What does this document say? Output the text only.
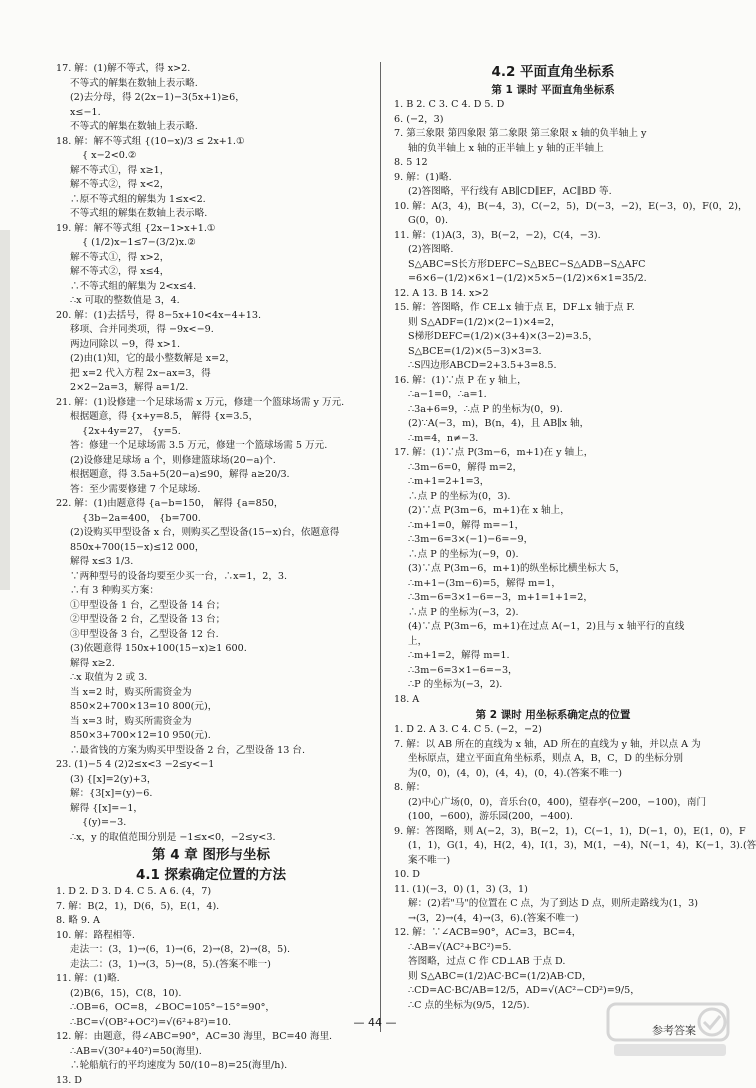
17. 解：(1)解不等式，得 x>2.
不等式的解集在数轴上表示略.
(2)去分母，得 2(2x−1)−3(5x+1)≥6，
x≤−1.
不等式的解集在数轴上表示略.
18. 解：解不等式组 {(10−x)/3 ≤ 2x+1.①
{ x−2<0.②
解不等式①，得 x≥1，
解不等式②，得 x<2，
∴原不等式组的解集为 1≤x<2.
不等式组的解集在数轴上表示略.
19. 解：解不等式组 {2x−1>x+1.①
{ (1/2)x−1≤7−(3/2)x.②
解不等式①，得 x>2，
解不等式②，得 x≤4，
∴不等式组的解集为 2<x≤4.
∴x 可取的整数值是 3，4.
20. 解：(1)去括号，得 8−5x+10<4x−4+13.
移项、合并同类项，得 −9x<−9.
两边同除以 −9，得 x>1.
(2)由(1)知，它的最小整数解是 x=2，
把 x=2 代入方程 2x−ax=3，得
2×2−2a=3，解得 a=1/2.
21. 解：(1)设修建一个足球场需 x 万元，修建一个篮球场需 y 万元.
根据题意，得 {x+y=8.5， 解得 {x=3.5，
{2x+4y=27， {y=5.
答：修建一个足球场需 3.5 万元，修建一个篮球场需 5 万元.
(2)设修建足球场 a 个，则修建篮球场(20−a)个.
根据题意，得 3.5a+5(20−a)≤90，解得 a≥20/3.
答：至少需要修建 7 个足球场.
22. 解：(1)由题意得 {a−b=150， 解得 {a=850，
{3b−2a=400， {b=700.
(2)设购买甲型设备 x 台，则购买乙型设备(15−x)台，依题意得
850x+700(15−x)≤12 000，
解得 x≤3 1/3.
∵两种型号的设备均要至少买一台，∴x=1，2，3.
∴有 3 种购买方案：
①甲型设备 1 台，乙型设备 14 台；
②甲型设备 2 台，乙型设备 13 台；
③甲型设备 3 台，乙型设备 12 台.
(3)依题意得 150x+100(15−x)≥1 600.
解得 x≥2.
∴x 取值为 2 或 3.
当 x=2 时，购买所需资金为
850×2+700×13=10 800(元)，
当 x=3 时，购买所需资金为
850×3+700×12=10 950(元).
∴最省钱的方案为购买甲型设备 2 台，乙型设备 13 台.
23. (1)−5 4 (2)2≤x<3 −2≤y<−1
(3) {[x]=2(y)+3，
解：{3[x]=(y)−6.
解得 {[x]=−1，
{(y)=−3.
∴x，y 的取值范围分别是 −1≤x<0，−2≤y<3.
第 4 章 图形与坐标
4.1 探索确定位置的方法
1. D 2. D 3. D 4. C 5. A 6. (4，7)
7. 解：B(2，1)，D(6，5)，E(1，4).
8. 略 9. A
10. 解：路程相等.
走法一：(3，1)→(6，1)→(6，2)→(8，2)→(8，5).
走法二：(3，1)→(3，5)→(8，5).(答案不唯一)
11. 解：(1)略.
(2)B(6，15)，C(8，10).
∴OB=6，OC=8，∠BOC=105°−15°=90°，
∴BC=√(OB²+OC²)=√(6²+8²)=10.
12. 解：由题意，得∠ABC=90°，AC=30 海里，BC=40 海里.
∴AB=√(30²+40²)=50(海里).
∴轮船航行的平均速度为 50/(10−8)=25(海里/h).
13. D
4.2 平面直角坐标系
第 1 课时 平面直角坐标系
1. B 2. C 3. C 4. D 5. D
6. (−2，3)
7. 第三象限 第四象限 第二象限 第三象限 x 轴的负半轴上 y
轴的负半轴上 x 轴的正半轴上 y 轴的正半轴上
8. 5 12
9. 解：(1)略.
(2)答图略，平行线有 AB∥CD∥EF，AC∥BD 等.
10. 解：A(3，4)，B(−4，3)，C(−2，5)，D(−3，−2)，E(−3，0)，F(0，2)，
G(0，0).
11. 解：(1)A(3，3)，B(−2，−2)，C(4，−3).
(2)答图略.
S△ABC=S长方形DEFC−S△BEC−S△ADB−S△AFC
=6×6−(1/2)×6×1−(1/2)×5×5−(1/2)×6×1=35/2.
12. A 13. B 14. x>2
15. 解：答图略，作 CE⊥x 轴于点 E，DF⊥x 轴于点 F.
则 S△ADF=(1/2)×(2−1)×4=2，
S梯形DEFC=(1/2)×(3+4)×(3−2)=3.5，
S△BCE=(1/2)×(5−3)×3=3.
∴S四边形ABCD=2+3.5+3=8.5.
16. 解：(1)∵点 P 在 y 轴上，
∴a−1=0，∴a=1.
∴3a+6=9，∴点 P 的坐标为(0，9).
(2)∵A(−3，m)，B(n，4)，且 AB∥x 轴，
∴m=4，n≠−3.
17. 解：(1)∵点 P(3m−6，m+1)在 y 轴上，
∴3m−6=0，解得 m=2，
∴m+1=2+1=3，
∴点 P 的坐标为(0，3).
(2)∵点 P(3m−6，m+1)在 x 轴上，
∴m+1=0，解得 m=−1，
∴3m−6=3×(−1)−6=−9，
∴点 P 的坐标为(−9，0).
(3)∵点 P(3m−6，m+1)的纵坐标比横坐标大 5，
∴m+1−(3m−6)=5，解得 m=1，
∴3m−6=3×1−6=−3，m+1=1+1=2，
∴点 P 的坐标为(−3，2).
(4)∵点 P(3m−6，m+1)在过点 A(−1，2)且与 x 轴平行的直线
上，
∴m+1=2，解得 m=1.
∴3m−6=3×1−6=−3，
∴P 的坐标为(−3，2).
18. A
第 2 课时 用坐标系确定点的位置
1. D 2. A 3. C 4. C 5. (−2，−2)
7. 解：以 AB 所在的直线为 x 轴，AD 所在的直线为 y 轴，并以点 A 为
坐标原点，建立平面直角坐标系，则点 A，B，C，D 的坐标分别
为(0，0)，(4，0)，(4，4)，(0，4).(答案不唯一)
8. 解：
(2)中心广场(0，0)，音乐台(0，400)，望春亭(−200，−100)，南门
(100，−600)，游乐园(200，−400).
9. 解：答图略，则 A(−2，3)，B(−2，1)，C(−1，1)，D(−1，0)，E(1，0)，F
(1，1)，G(1，4)，H(2，4)，I(1，3)，M(1，−4)，N(−1，4)，K(−1，3).(答
案不唯一)
10. D
11. (1)(−3，0) (1，3) (3，1)
解：(2)若"马"的位置在 C 点，为了到达 D 点，则所走路线为(1，3)
→(3，2)→(4，4)→(3，6).(答案不唯一)
12. 解：∵∠ACB=90°，AC=3，BC=4，
∴AB=√(AC²+BC²)=5.
答图略，过点 C 作 CD⊥AB 于点 D.
则 S△ABC=(1/2)AC·BC=(1/2)AB·CD，
∴CD=AC·BC/AB=12/5，AD=√(AC²−CD²)=9/5，
∴C 点的坐标为(9/5，12/5).
— 44 —
参考答案
